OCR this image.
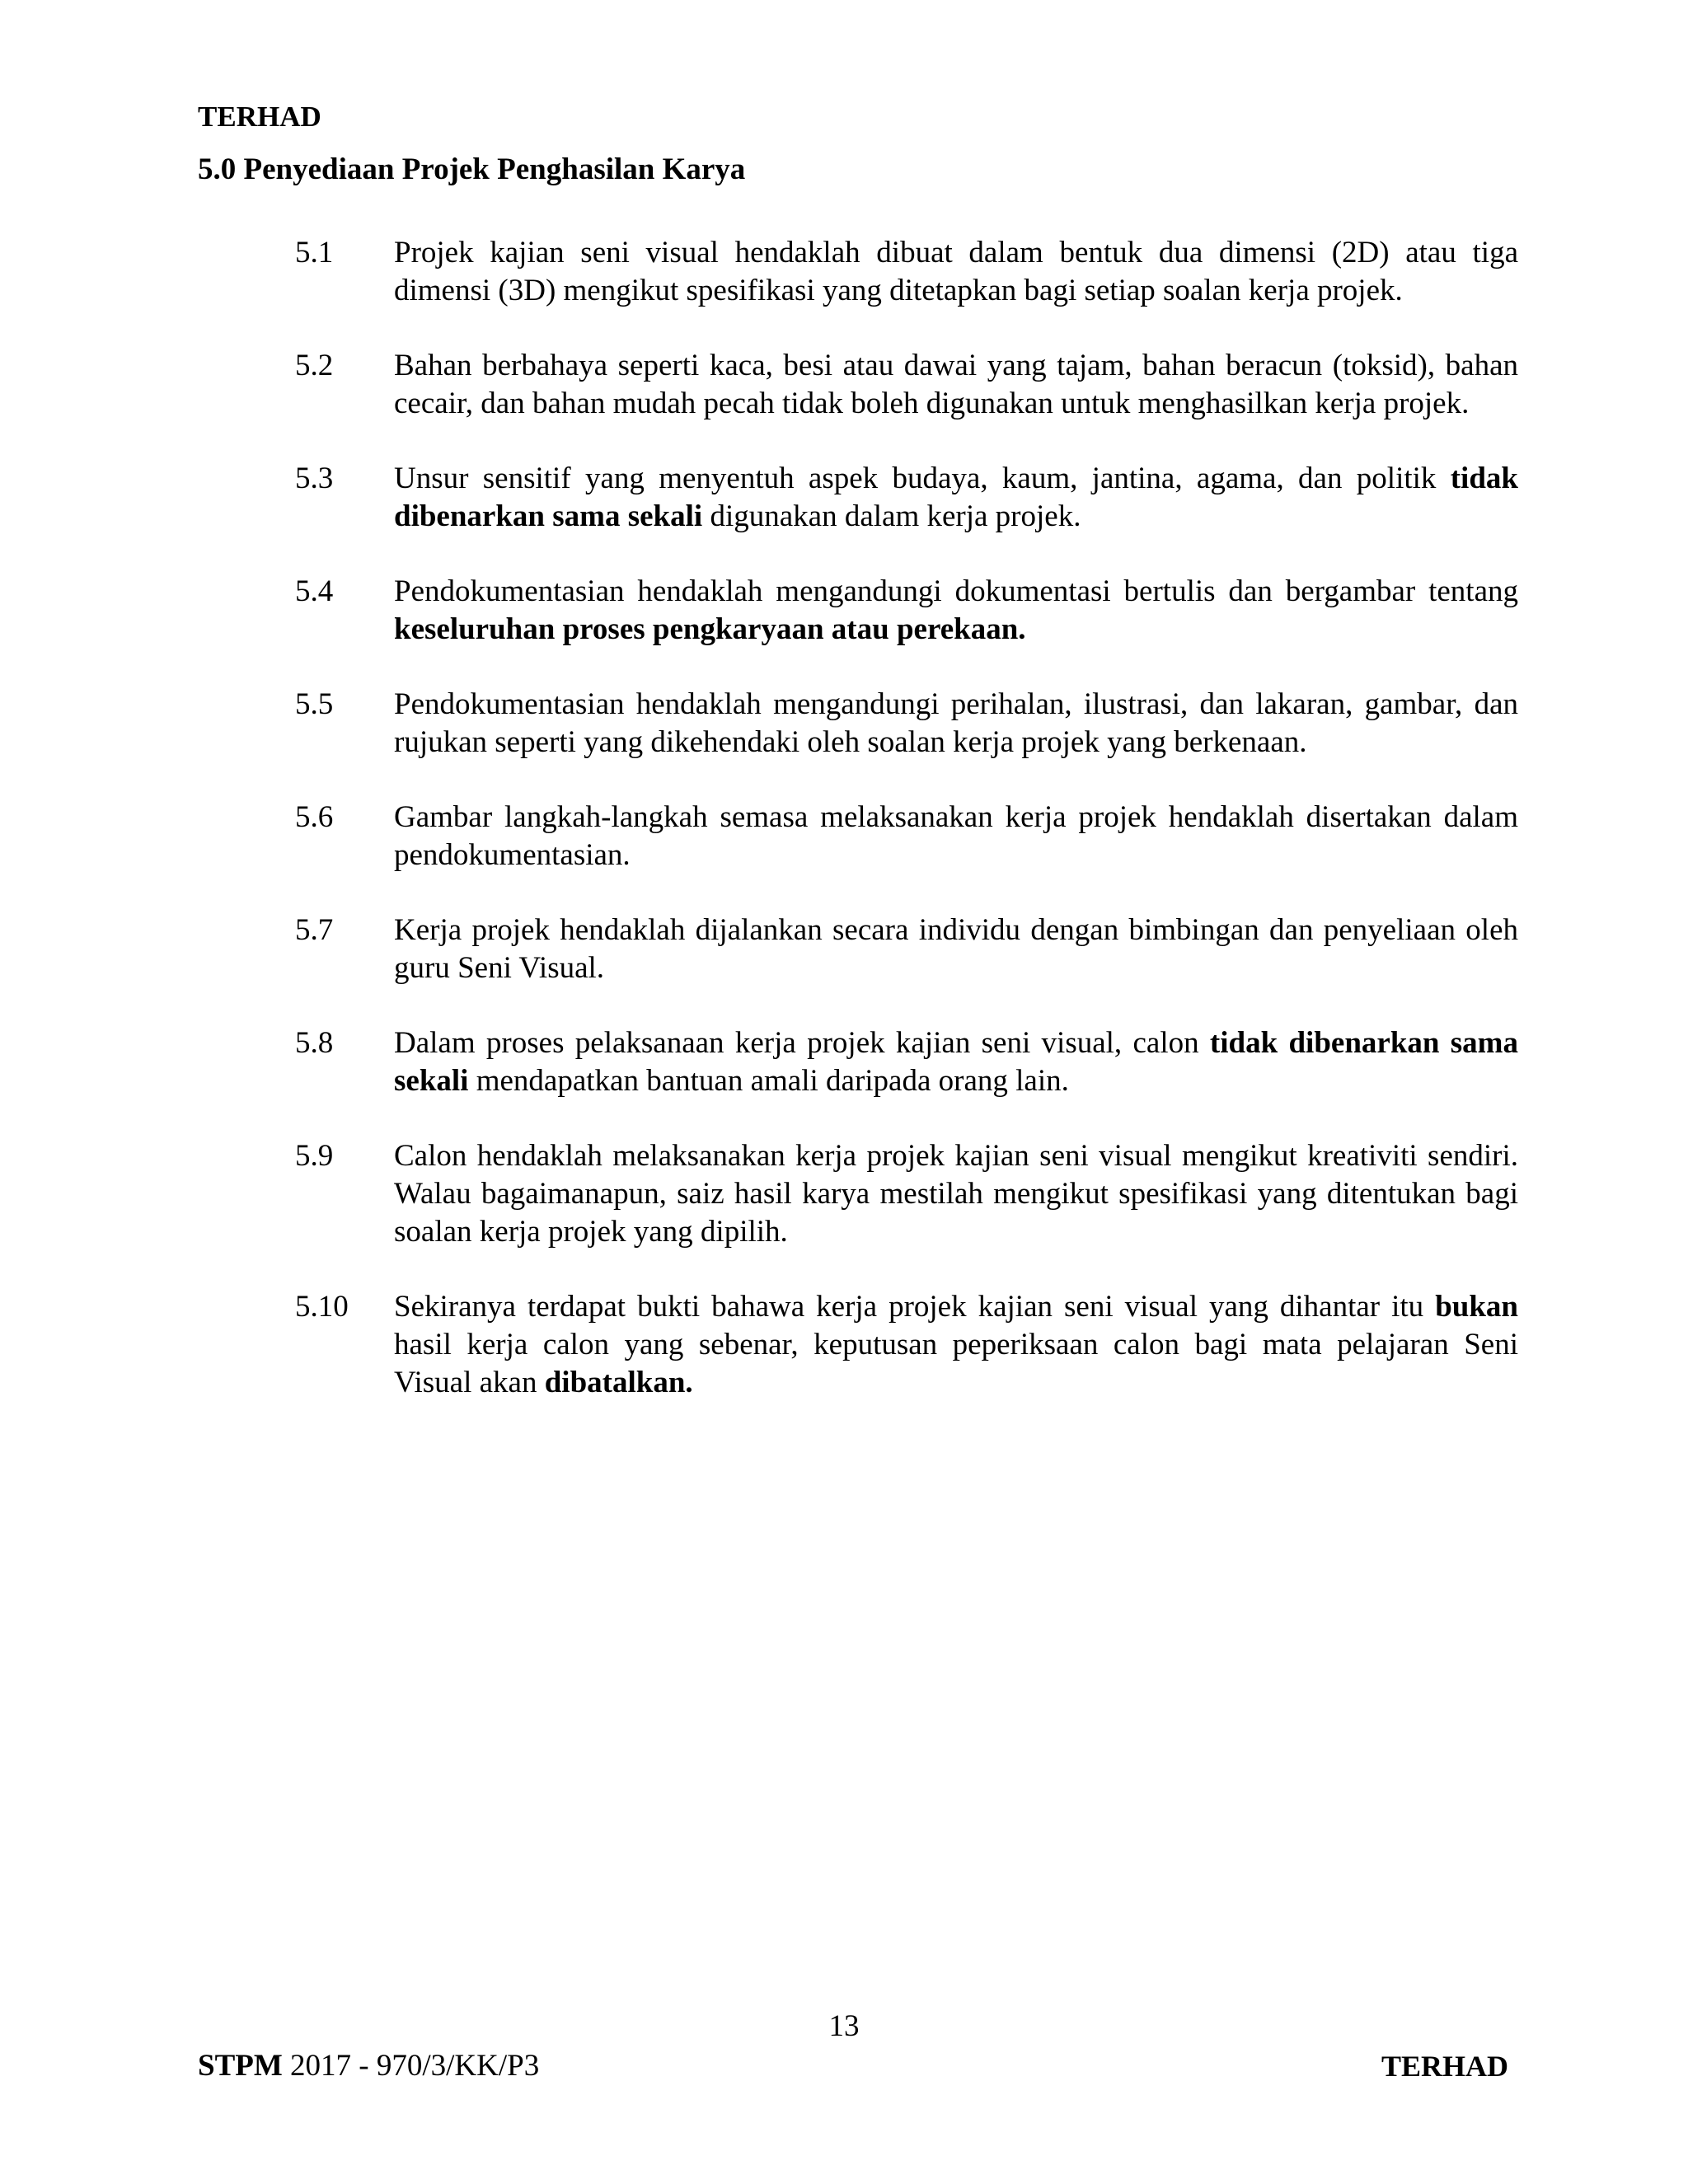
TERHAD
5.0 Penyediaan Projek Penghasilan Karya
5.1 Projek kajian seni visual hendaklah dibuat dalam bentuk dua dimensi (2D) atau tiga dimensi (3D) mengikut spesifikasi yang ditetapkan bagi setiap soalan kerja projek.
5.2 Bahan berbahaya seperti kaca, besi atau dawai yang tajam, bahan beracun (toksid), bahan cecair, dan bahan mudah pecah tidak boleh digunakan untuk menghasilkan kerja projek.
5.3 Unsur sensitif yang menyentuh aspek budaya, kaum, jantina, agama, dan politik tidak dibenarkan sama sekali digunakan dalam kerja projek.
5.4 Pendokumentasian hendaklah mengandungi dokumentasi bertulis dan bergambar tentang keseluruhan proses pengkaryaan atau perekaan.
5.5 Pendokumentasian hendaklah mengandungi perihalan, ilustrasi, dan lakaran, gambar, dan rujukan seperti yang dikehendaki oleh soalan kerja projek yang berkenaan.
5.6 Gambar langkah-langkah semasa melaksanakan kerja projek hendaklah disertakan dalam pendokumentasian.
5.7 Kerja projek hendaklah dijalankan secara individu dengan bimbingan dan penyeliaan oleh guru Seni Visual.
5.8 Dalam proses pelaksanaan kerja projek kajian seni visual, calon tidak dibenarkan sama sekali mendapatkan bantuan amali daripada orang lain.
5.9 Calon hendaklah melaksanakan kerja projek kajian seni visual mengikut kreativiti sendiri. Walau bagaimanapun, saiz hasil karya mestilah mengikut spesifikasi yang ditentukan bagi soalan kerja projek yang dipilih.
5.10 Sekiranya terdapat bukti bahawa kerja projek kajian seni visual yang dihantar itu bukan hasil kerja calon yang sebenar, keputusan peperiksaan calon bagi mata pelajaran Seni Visual akan dibatalkan.
13
STPM 2017 - 970/3/KK/P3	TERHAD
